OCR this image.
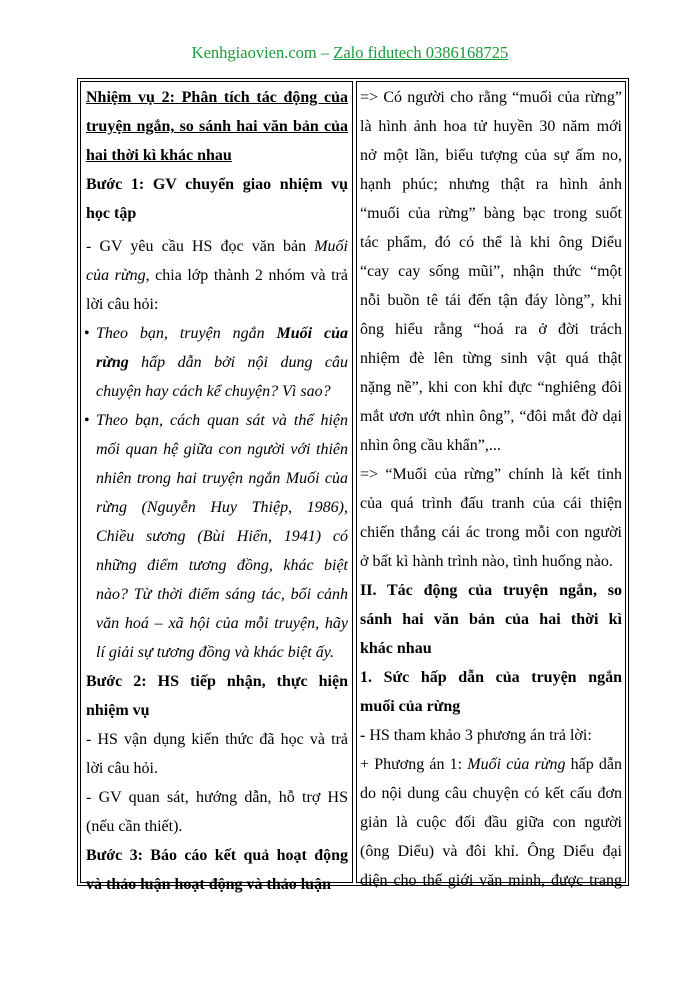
Kenhgiaovien.com – Zalo fidutech 0386168725

Nhiệm vụ 2: Phân tích tác động của

truyện ngắn, so sánh hai văn bản của

hai thời kì khác nhau

Bước 1: GV chuyển giao nhiệm vụ

học tập

- GV yêu cầu HS đọc văn bản Muối

của rừng, chia lớp thành 2 nhóm và trả

lời câu hỏi:

• Theo bạn, truyện ngắn Muối của

rừng hấp dẫn bởi nội dung câu

chuyện hay cách kể chuyện? Vì sao?

• Theo bạn, cách quan sát và thể hiện

mối quan hệ giữa con người với thiên

nhiên trong hai truyện ngắn Muối của

rừng (Nguyễn Huy Thiệp, 1986),

Chiều sương (Bùi Hiển, 1941) có

những điểm tương đồng, khác biệt

nào? Từ thời điểm sáng tác, bối cảnh

văn hoá – xã hội của mỗi truyện, hãy

lí giải sự tương đồng và khác biệt ấy.

Bước 2: HS tiếp nhận, thực hiện

nhiệm vụ

- HS vận dụng kiến thức đã học và trả

lời câu hỏi.

- GV quan sát, hướng dẫn, hỗ trợ HS

(nếu cần thiết).

Bước 3: Báo cáo kết quả hoạt động

và thảo luận hoạt động và thảo luận

=> Có người cho rằng “muối của rừng”

là hình ảnh hoa tử huyền 30 năm mới

nở một lần, biểu tượng của sự ấm no,

hạnh phúc; nhưng thật ra hình ảnh

“muối của rừng” bàng bạc trong suốt

tác phẩm, đó có thể là khi ông Diểu

“cay cay sống mũi”, nhận thức “một

nỗi buồn tê tái đến tận đáy lòng”, khi

ông hiểu rằng “hoá ra ở đời trách

nhiệm đè lên từng sinh vật quá thật

nặng nề”, khi con khỉ đực “nghiêng đôi

mắt ươn ướt nhìn ông”, “đôi mắt đờ dại

nhìn ông cầu khẩn”,...

=> “Muối của rừng” chính là kết tinh

của quá trình đấu tranh của cái thiện

chiến thắng cái ác trong mỗi con người

ở bất kì hành trình nào, tình huống nào.

II. Tác động của truyện ngắn, so

sánh hai văn bản của hai thời kì

khác nhau

1. Sức hấp dẫn của truyện ngắn

muối của rừng

- HS tham khảo 3 phương án trả lời:

+ Phương án 1: Muối của rừng hấp dẫn

do nội dung câu chuyện có kết cấu đơn

giản là cuộc đối đầu giữa con người

(ông Diểu) và đôi khỉ. Ông Diểu đại

diện cho thế giới văn minh, được trang
